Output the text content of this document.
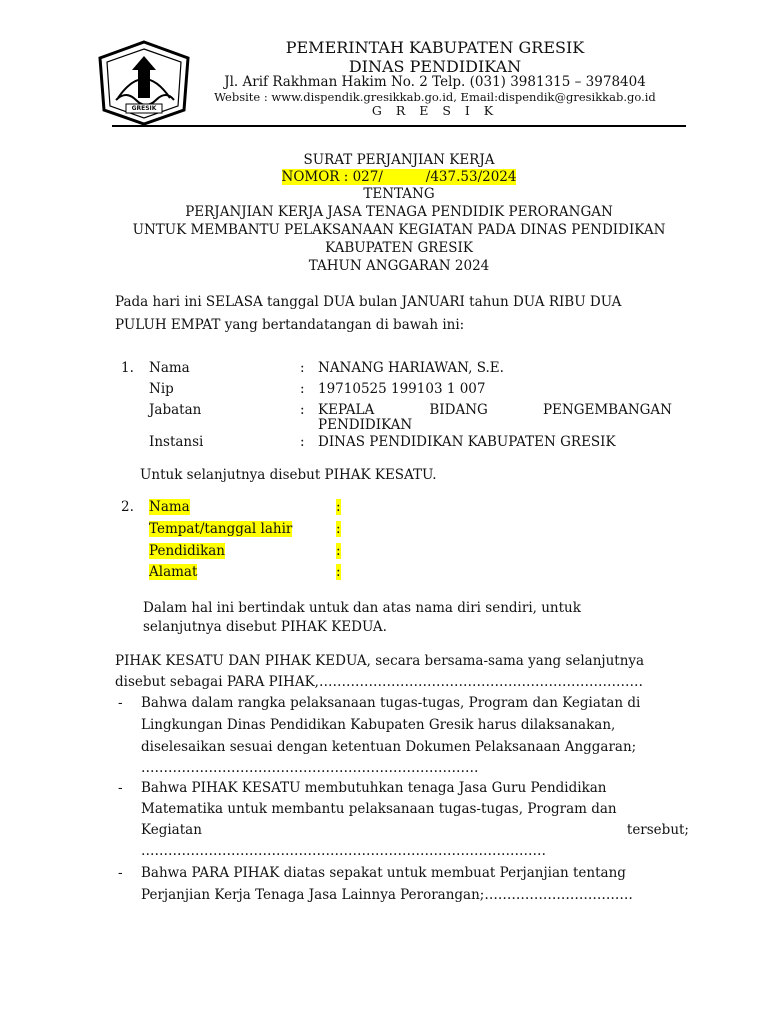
GRESIK
PEMERINTAH KABUPATEN GRESIK
DINAS PENDIDIKAN
Jl. Arif Rakhman Hakim No. 2 Telp. (031) 3981315 – 3978404
Website : www.dispendik.gresikkab.go.id, Email:dispendik@gresikkab.go.id
G R E S I K
SURAT PERJANJIAN KERJA
NOMOR : 027/          /437.53/2024
TENTANG
PERJANJIAN KERJA JASA TENAGA PENDIDIK PERORANGAN
UNTUK MEMBANTU PELAKSANAAN KEGIATAN PADA DINAS PENDIDIKAN
KABUPATEN GRESIK
TAHUN ANGGARAN 2024
Pada hari ini SELASA tanggal DUA bulan JANUARI tahun DUA RIBU DUA
PULUH EMPAT yang bertandatangan di bawah ini:
1. Nama	: NANANG HARIAWAN, S.E.
Nip	: 19710525 199103 1 007
Jabatan	: KEPALA	BIDANG	PENGEMBANGAN
PENDIDIKAN
Instansi	: DINAS PENDIDIKAN KABUPATEN GRESIK
Untuk selanjutnya disebut PIHAK KESATU.
2. Nama	:
Tempat/tanggal lahir	:
Pendidikan	:
Alamat	:
Dalam hal ini bertindak untuk dan atas nama diri sendiri, untuk
selanjutnya disebut PIHAK KEDUA.
PIHAK KESATU DAN PIHAK KEDUA, secara bersama-sama yang selanjutnya
disebut sebagai PARA PIHAK,………………………………………………………………
- Bahwa dalam rangka pelaksanaan tugas-tugas, Program dan Kegiatan di
Lingkungan Dinas Pendidikan Kabupaten Gresik harus dilaksanakan,
diselesaikan sesuai dengan ketentuan Dokumen Pelaksanaan Anggaran;
…………………………………………………………………
- Bahwa PIHAK KESATU membutuhkan tenaga Jasa Guru Pendidikan
Matematika untuk membantu pelaksanaan tugas-tugas, Program dan
Kegiatan	tersebut;
………………………………………………………………………………
- Bahwa PARA PIHAK diatas sepakat untuk membuat Perjanjian tentang
Perjanjian Kerja Tenaga Jasa Lainnya Perorangan;……………………………
